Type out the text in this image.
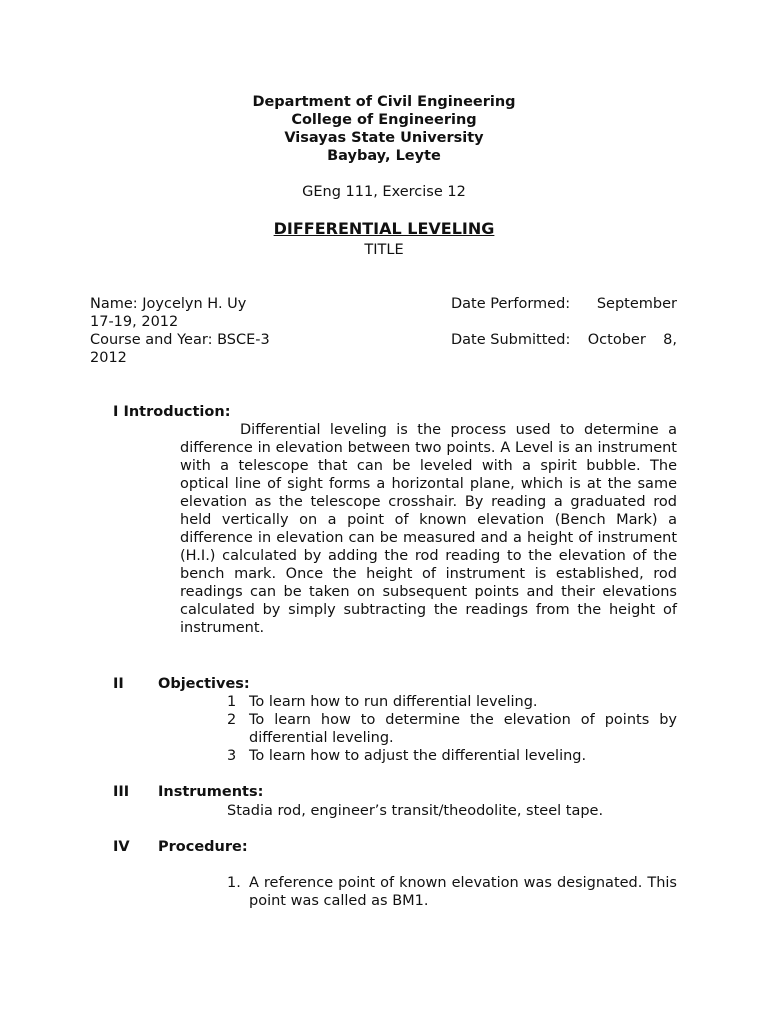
Department of Civil Engineering
College of Engineering
Visayas State University
Baybay, Leyte
GEng 111, Exercise 12
DIFFERENTIAL LEVELING
TITLE
Name: Joycelyn H. Uy	Date Performed: September
17-19, 2012
Course and Year: BSCE-3	Date Submitted: October 8,
2012
I Introduction:
Differential leveling is the process used to determine a difference in elevation between two points. A Level is an instrument with a telescope that can be leveled with a spirit bubble. The optical line of sight forms a horizontal plane, which is at the same elevation as the telescope crosshair. By reading a graduated rod held vertically on a point of known elevation (Bench Mark) a difference in elevation can be measured and a height of instrument (H.I.) calculated by adding the rod reading to the elevation of the bench mark. Once the height of instrument is established, rod readings can be taken on subsequent points and their elevations calculated by simply subtracting the readings from the height of instrument.
II Objectives:
1 To learn how to run differential leveling.
2 To learn how to determine the elevation of points by differential leveling.
3 To learn how to adjust the differential leveling.
III Instruments:
Stadia rod, engineer’s transit/theodolite, steel tape.
IV Procedure:
1. A reference point of known elevation was designated. This point was called as BM1.
